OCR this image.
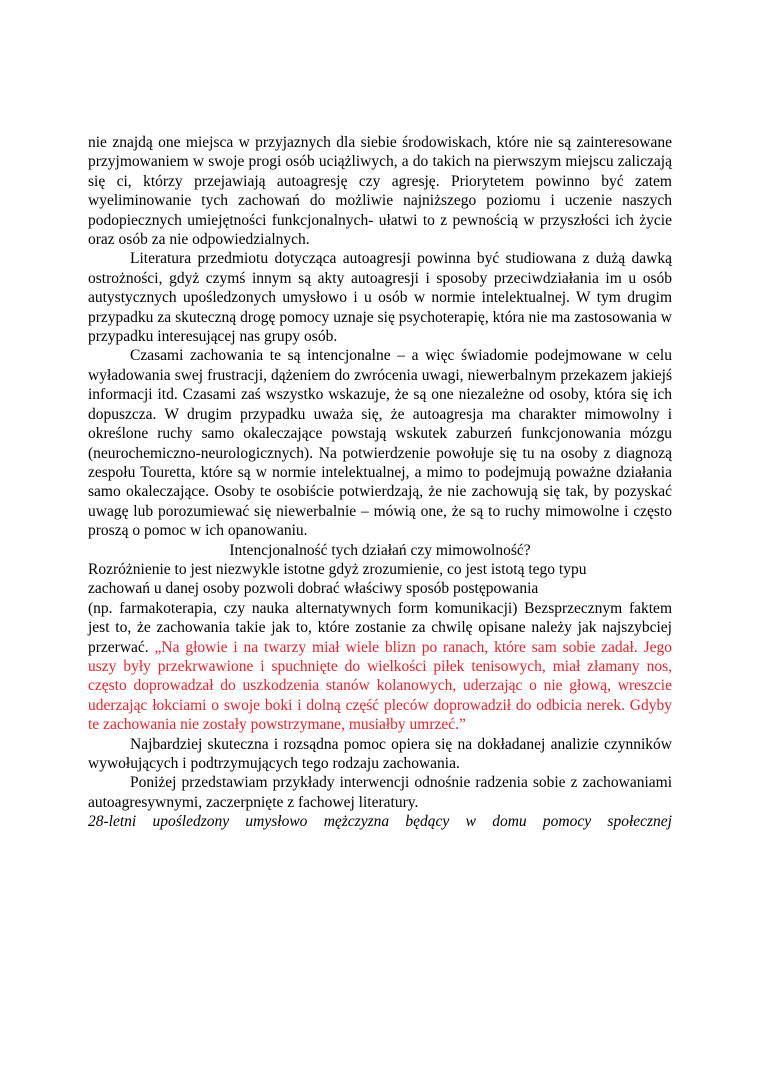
nie znajdą one miejsca w przyjaznych dla siebie środowiskach, które nie są zainteresowane przyjmowaniem w swoje progi osób uciążliwych, a do takich na pierwszym miejscu zaliczają się ci, którzy przejawiają autoagresję czy agresję. Priorytetem powinno być zatem wyeliminowanie tych zachowań do możliwie najniższego poziomu i uczenie naszych podopiecznych umiejętności funkcjonalnych- ułatwi to z pewnością w przyszłości ich życie oraz osób za nie odpowiedzialnych.

Literatura przedmiotu dotycząca autoagresji powinna być studiowana z dużą dawką ostrożności, gdyż czymś innym są akty autoagresji i sposoby przeciwdziałania im u osób autystycznych upośledzonych umysłowo i u osób w normie intelektualnej. W tym drugim przypadku za skuteczną drogę pomocy uznaje się psychoterapię, która nie ma zastosowania w przypadku interesującej nas grupy osób.

Czasami zachowania te są intencjonalne – a więc świadomie podejmowane w celu wyładowania swej frustracji, dążeniem do zwrócenia uwagi, niewerbalnym przekazem jakiejś informacji itd. Czasami zaś wszystko wskazuje, że są one niezależne od osoby, która się ich dopuszcza. W drugim przypadku uważa się, że autoagresja ma charakter mimowolny i określone ruchy samo okaleczające powstają wskutek zaburzeń funkcjonowania mózgu (neurochemiczno-neurologicznych). Na potwierdzenie powołuje się tu na osoby z diagnozą zespołu Touretta, które są w normie intelektualnej, a mimo to podejmują poważne działania samo okaleczające. Osoby te osobiście potwierdzają, że nie zachowują się tak, by pozyskać uwagę lub porozumiewać się niewerbalnie – mówią one, że są to ruchy mimowolne i często proszą o pomoc w ich opanowaniu.

Intencjonalność tych działań czy mimowolność?

Rozróżnienie to jest niezwykle istotne gdyż zrozumienie, co jest istotą tego typu

zachowań u danej osoby pozwoli dobrać właściwy sposób postępowania

(np. farmakoterapia, czy nauka alternatywnych form komunikacji) Bezsprzecznym faktem jest to, że zachowania takie jak to, które zostanie za chwilę opisane należy jak najszybciej przerwać. „Na głowie i na twarzy miał wiele blizn po ranach, które sam sobie zadał. Jego uszy były przekrwawione i spuchnięte do wielkości piłek tenisowych, miał złamany nos, często doprowadzał do uszkodzenia stanów kolanowych, uderzając o nie głową, wreszcie uderzając łokciami o swoje boki i dolną część pleców doprowadził do odbicia nerek. Gdyby te zachowania nie zostały powstrzymane, musiałby umrzeć.”

Najbardziej skuteczna i rozsądna pomoc opiera się na dokładanej analizie czynników wywołujących i podtrzymujących tego rodzaju zachowania.

Poniżej przedstawiam przykłady interwencji odnośnie radzenia sobie z zachowaniami autoagresywnymi, zaczerpnięte z fachowej literatury.

28-letni upośledzony umysłowo mężczyzna będący w domu pomocy społecznej
